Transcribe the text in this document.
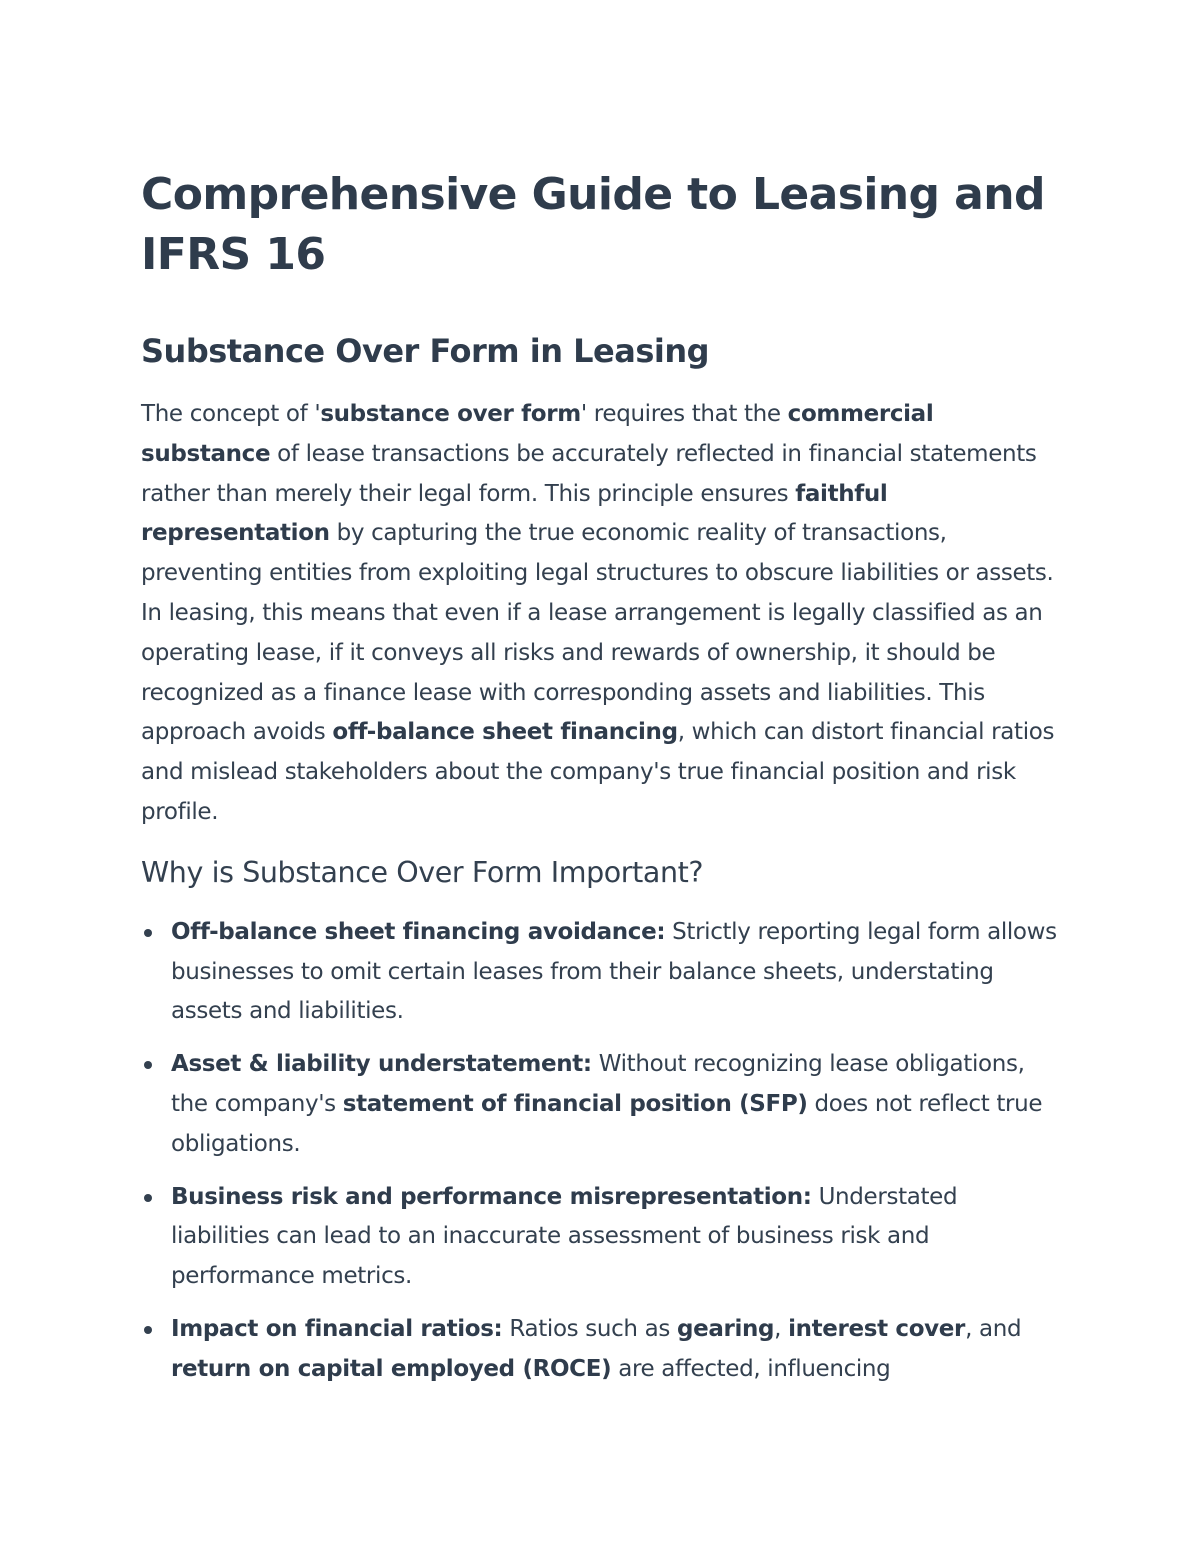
Comprehensive Guide to Leasing and IFRS 16
Substance Over Form in Leasing

The concept of 'substance over form' requires that the commercial substance of lease transactions be accurately reflected in financial statements rather than merely their legal form. This principle ensures faithful representation by capturing the true economic reality of transactions, preventing entities from exploiting legal structures to obscure liabilities or assets. In leasing, this means that even if a lease arrangement is legally classified as an operating lease, if it conveys all risks and rewards of ownership, it should be recognized as a finance lease with corresponding assets and liabilities. This approach avoids off-balance sheet financing, which can distort financial ratios and mislead stakeholders about the company's true financial position and risk profile.

Why is Substance Over Form Important?
Off-balance sheet financing avoidance: Strictly reporting legal form allows businesses to omit certain leases from their balance sheets, understating assets and liabilities.
Asset & liability understatement: Without recognizing lease obligations, the company's statement of financial position (SFP) does not reflect true obligations.
Business risk and performance misrepresentation: Understated liabilities can lead to an inaccurate assessment of business risk and performance metrics.
Impact on financial ratios: Ratios such as gearing, interest cover, and return on capital employed (ROCE) are affected, influencing
